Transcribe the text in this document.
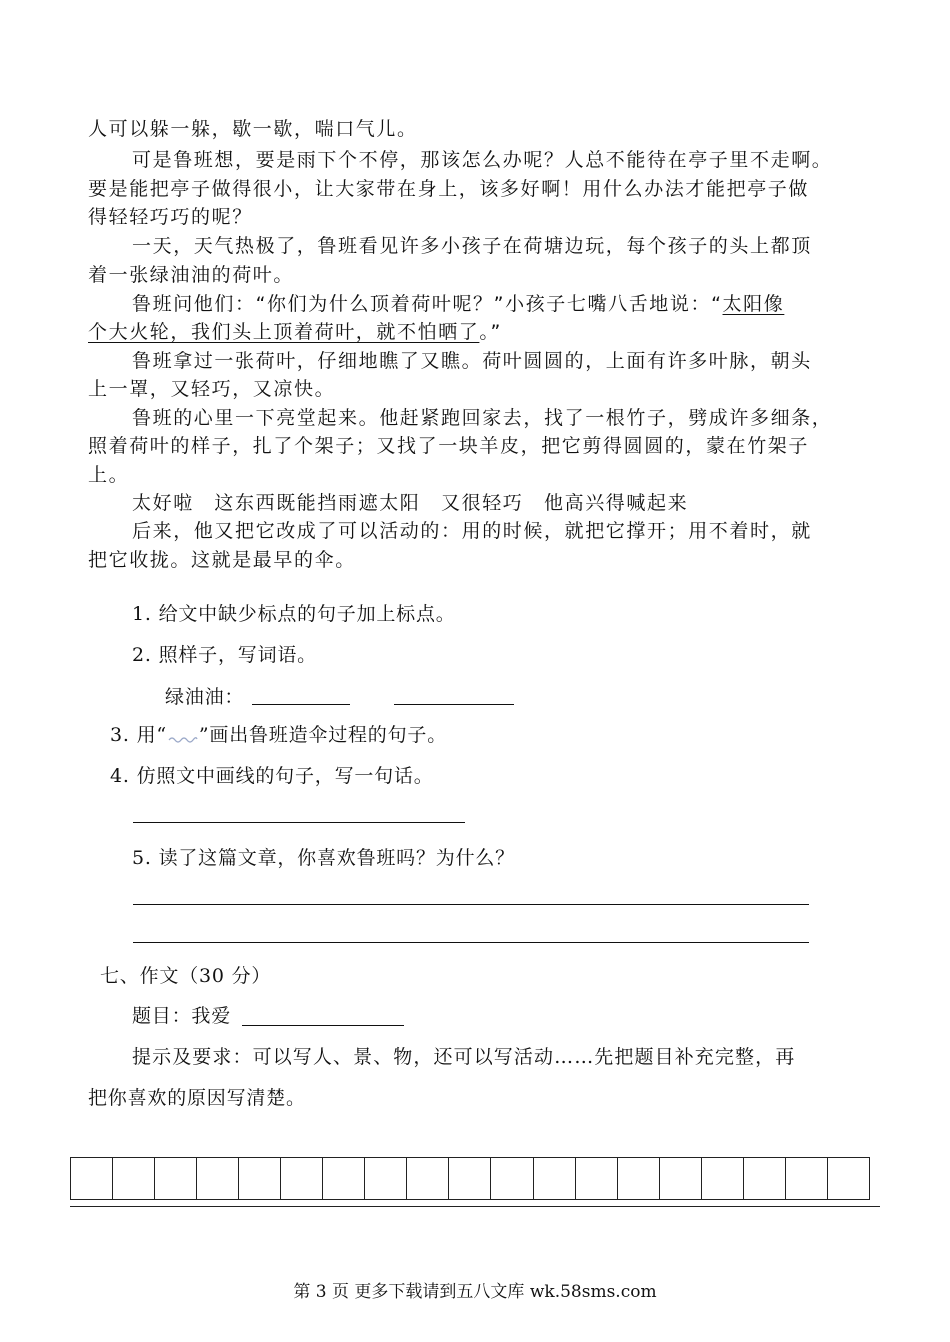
人可以躲一躲，歇一歇，喘口气儿。
可是鲁班想，要是雨下个不停，那该怎么办呢？人总不能待在亭子里不走啊。
要是能把亭子做得很小，让大家带在身上，该多好啊！用什么办法才能把亭子做
得轻轻巧巧的呢？
一天，天气热极了，鲁班看见许多小孩子在荷塘边玩，每个孩子的头上都顶
着一张绿油油的荷叶。
鲁班问他们：“你们为什么顶着荷叶呢？”小孩子七嘴八舌地说：“太阳像
个大火轮，我们头上顶着荷叶，就不怕晒了。”
鲁班拿过一张荷叶，仔细地瞧了又瞧。荷叶圆圆的，上面有许多叶脉，朝头
上一罩，又轻巧，又凉快。
鲁班的心里一下亮堂起来。他赶紧跑回家去，找了一根竹子，劈成许多细条，
照着荷叶的样子，扎了个架子；又找了一块羊皮，把它剪得圆圆的，蒙在竹架子
上。
太好啦　这东西既能挡雨遮太阳　又很轻巧　他高兴得喊起来
后来，他又把它改成了可以活动的：用的时候，就把它撑开；用不着时，就
把它收拢。这就是最早的伞。
1. 给文中缺少标点的句子加上标点。
2. 照样子，写词语。
绿油油：
3. 用“ ”画出鲁班造伞过程的句子。
4. 仿照文中画线的句子，写一句话。
5. 读了这篇文章，你喜欢鲁班吗？为什么？
七、作文（30 分）
题目：我爱
提示及要求：可以写人、景、物，还可以写活动……先把题目补充完整，再
把你喜欢的原因写清楚。
第 3 页 更多下载请到五八文库 wk.58sms.com
